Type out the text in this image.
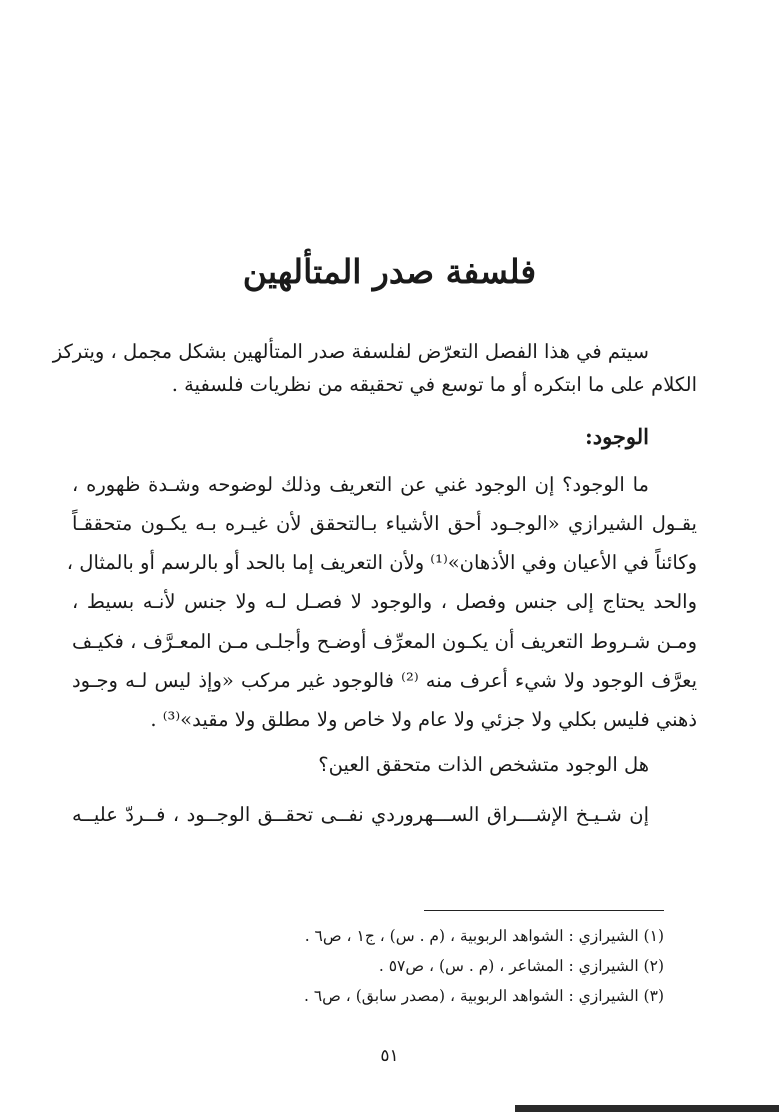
فلسفة صدر المتألهين
سيتم في هذا الفصل التعرّض لفلسفة صدر المتألهين بشكل مجمل ، ويتركز
الكلام على ما ابتكره أو ما توسع في تحقيقه من نظريات فلسفية .
الوجود:
ما الوجود؟ إن الوجود غني عن التعريف وذلك لوضوحه وشـدة ظهوره ،
يقـول الشيرازي «الوجـود أحق الأشياء بـالتحقق لأن غيـره بـه يكـون متحققـاً
وكائناً في الأعيان وفي الأذهان»⁽¹⁾ ولأن التعريف إما بالحد أو بالرسم أو بالمثال ،
والحد يحتاج إلى جنس وفصل ، والوجود لا فصـل لـه ولا جنس لأنـه بسيط ،
ومـن شـروط التعريف أن يكـون المعرِّف أوضـح وأجلـى مـن المعـرَّف ، فكيـف
يعرَّف الوجود ولا شيء أعرف منه ⁽²⁾ فالوجود غير مركب «وإذ ليس لـه وجـود
ذهني فليس بكلي ولا جزئي ولا عام ولا خاص ولا مطلق ولا مقيد»⁽³⁾ .
هل الوجود متشخص الذات متحقق العين؟
إن شـيـخ الإشـــراق الســـهروردي نفــى تحقــق الوجــود ، فــردّ عليــه
(١) الشيرازي : الشواهد الربوبية ، (م . س) ، ج١ ، ص٦ .
(٢) الشيرازي : المشاعر ، (م . س) ، ص٥٧ .
(٣) الشيرازي : الشواهد الربوبية ، (مصدر سابق) ، ص٦ .
٥١
